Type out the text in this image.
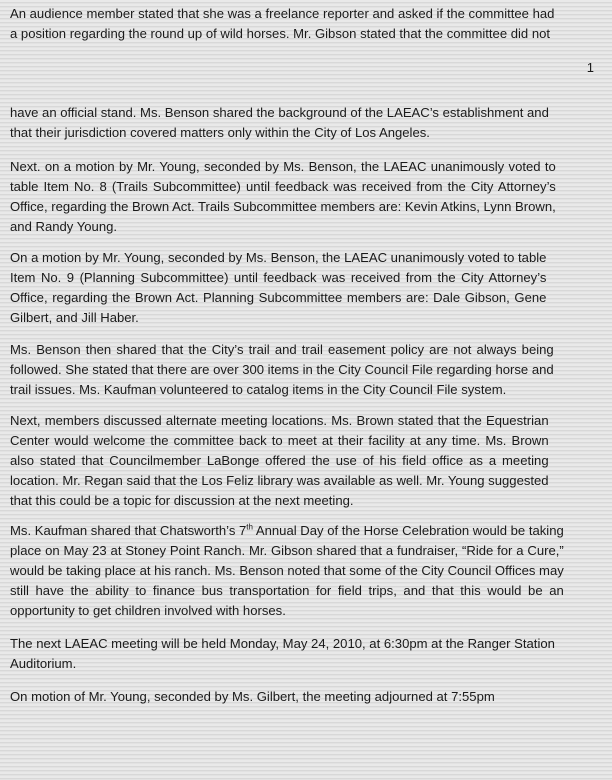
An audience member stated that she was a freelance reporter and asked if the committee had
a position regarding the round up of wild horses. Mr. Gibson stated that the committee did not

1

have an official stand. Ms. Benson shared the background of the LAEAC’s establishment and
that their jurisdiction covered matters only within the City of Los Angeles.

Next. on a motion by Mr. Young, seconded by Ms. Benson, the LAEAC unanimously voted to
table Item No. 8 (Trails Subcommittee) until feedback was received from the City Attorney’s
Office, regarding the Brown Act. Trails Subcommittee members are: Kevin Atkins, Lynn Brown,
and Randy Young.

On a motion by Mr. Young, seconded by Ms. Benson, the LAEAC unanimously voted to table
Item No. 9 (Planning Subcommittee) until feedback was received from the City Attorney’s
Office, regarding the Brown Act. Planning Subcommittee members are: Dale Gibson, Gene
Gilbert, and Jill Haber.

Ms. Benson then shared that the City’s trail and trail easement policy are not always being
followed. She stated that there are over 300 items in the City Council File regarding horse and
trail issues. Ms. Kaufman volunteered to catalog items in the City Council File system.

Next, members discussed alternate meeting locations. Ms. Brown stated that the Equestrian
Center would welcome the committee back to meet at their facility at any time. Ms. Brown
also stated that Councilmember LaBonge offered the use of his field office as a meeting
location. Mr. Regan said that the Los Feliz library was available as well. Mr. Young suggested
that this could be a topic for discussion at the next meeting.

Ms. Kaufman shared that Chatsworth’s 7th Annual Day of the Horse Celebration would be taking
place on May 23 at Stoney Point Ranch. Mr. Gibson shared that a fundraiser, “Ride for a Cure,”
would be taking place at his ranch. Ms. Benson noted that some of the City Council Offices may
still have the ability to finance bus transportation for field trips, and that this would be an
opportunity to get children involved with horses.

The next LAEAC meeting will be held Monday, May 24, 2010, at 6:30pm at the Ranger Station
Auditorium.

On motion of Mr. Young, seconded by Ms. Gilbert, the meeting adjourned at 7:55pm
